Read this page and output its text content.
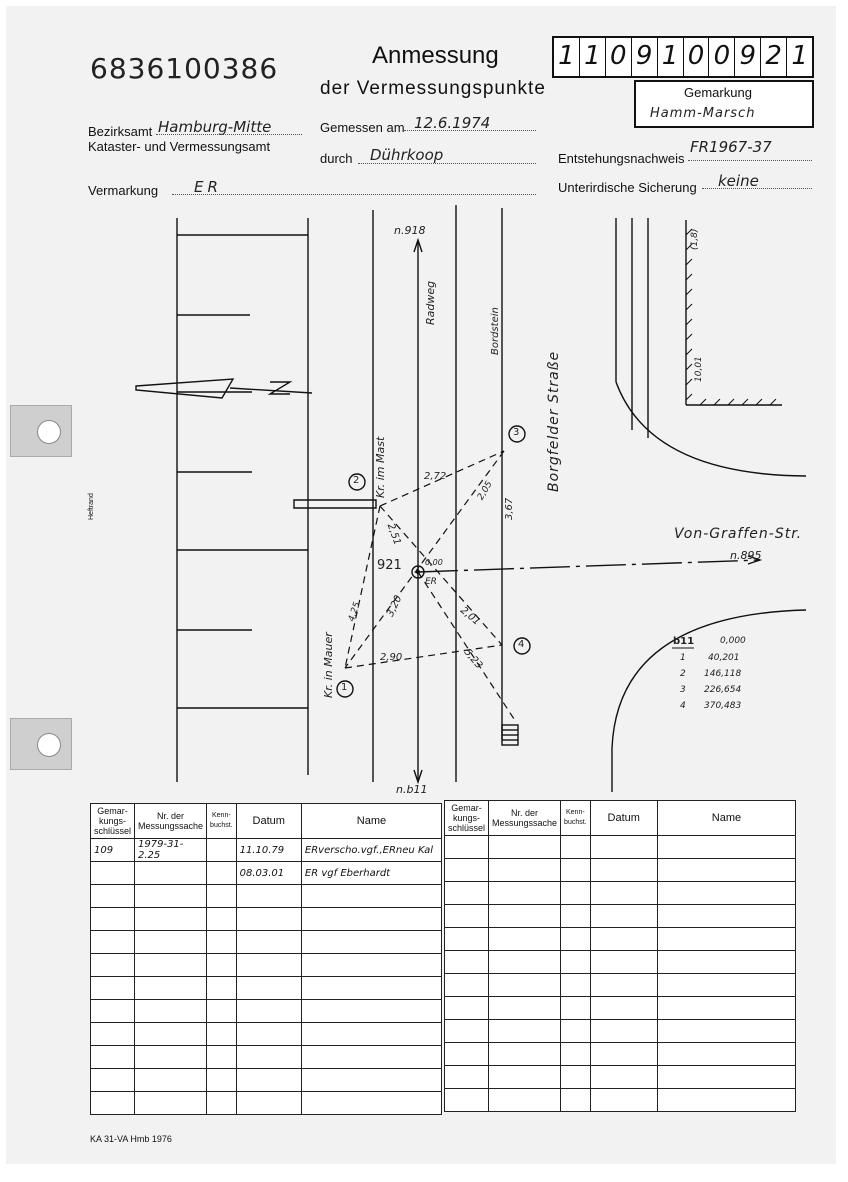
6836100386	Anmessung
der Vermessungspunkte
1 1 0 9 1 0 0 9 2 1
Gemarkung
Hamm-Marsch
Bezirksamt Hamburg-Mitte
Kataster- und Vermessungsamt
Gemessen am 12.6.1974
durch Dührkoop	Entstehungsnachweis
FR1967-37
Vermarkung ER	Unterirdische Sicherung keine
n.918
n.b11
Radweg
Bordstein
Borgfelder Straße
Von-Graffen-Str.
n.895
921	0,00
ER
Kr. im Mast
Kr. in Mauer
2,72
2,51
2,05
4,25 3,20	2,01
5,23
2,90
3,67
(1,8)
10,01
Heftrand
2
3
1
4	b11	0,000
1 40,201
2 146,118
3 226,654
4 370,483
Gemar-kungs-schlüssel	Nr. der Messungssache	Kenn-buchst.	Datum	Name
109	1979-31-2.25		11.10.79	ERverscho.vgf.,ERneu Kal
			08.03.01	ER vgf Eberhardt

Gemar-kungs-schlüssel	Nr. der Messungssache	Kenn-buchst.	Datum	Name

KA 31-VA Hmb 1976
